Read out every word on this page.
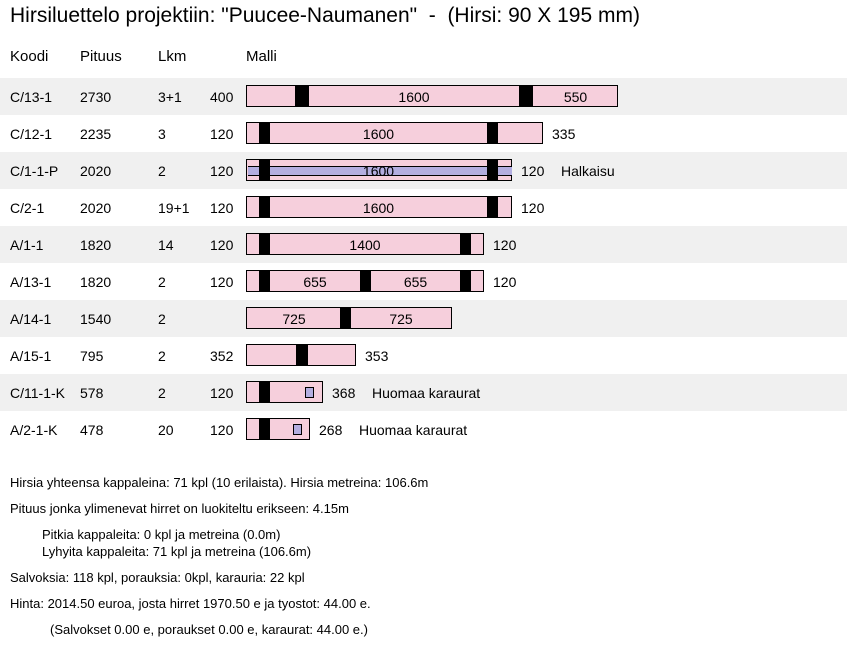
Hirsiluettelo projektiin: "Puucee-Naumanen"  -  (Hirsi: 90 X 195 mm)
Koodi Pituus Lkm	Malli
C/13-1 2730	3+1 400	1600	550
C/12-1 2235	3	120	1600	335
C/1-1-P 2020	2	120	1600	120 Halkaisu
C/2-1	2020	19+1 120	1600	120
A/1-1	1820	14	120	1400	120
A/13-1 1820	2	120	655	655	120
A/14-1 1540	2	725	725
A/15-1 795	2	352	353
C/11-1-K 578	2	120	368 Huomaa karaurat
A/2-1-K 478	20	120	268 Huomaa karaurat
Hirsia yhteensa kappaleina: 71 kpl (10 erilaista). Hirsia metreina: 106.6m
Pituus jonka ylimenevat hirret on luokiteltu erikseen: 4.15m
Pitkia kappaleita: 0 kpl ja metreina (0.0m)
Lyhyita kappaleita: 71 kpl ja metreina (106.6m)
Salvoksia: 118 kpl, porauksia: 0kpl, karauria: 22 kpl
Hinta: 2014.50 euroa, josta hirret 1970.50 e ja tyostot: 44.00 e.
(Salvokset 0.00 e, poraukset 0.00 e, karaurat: 44.00 e.)
